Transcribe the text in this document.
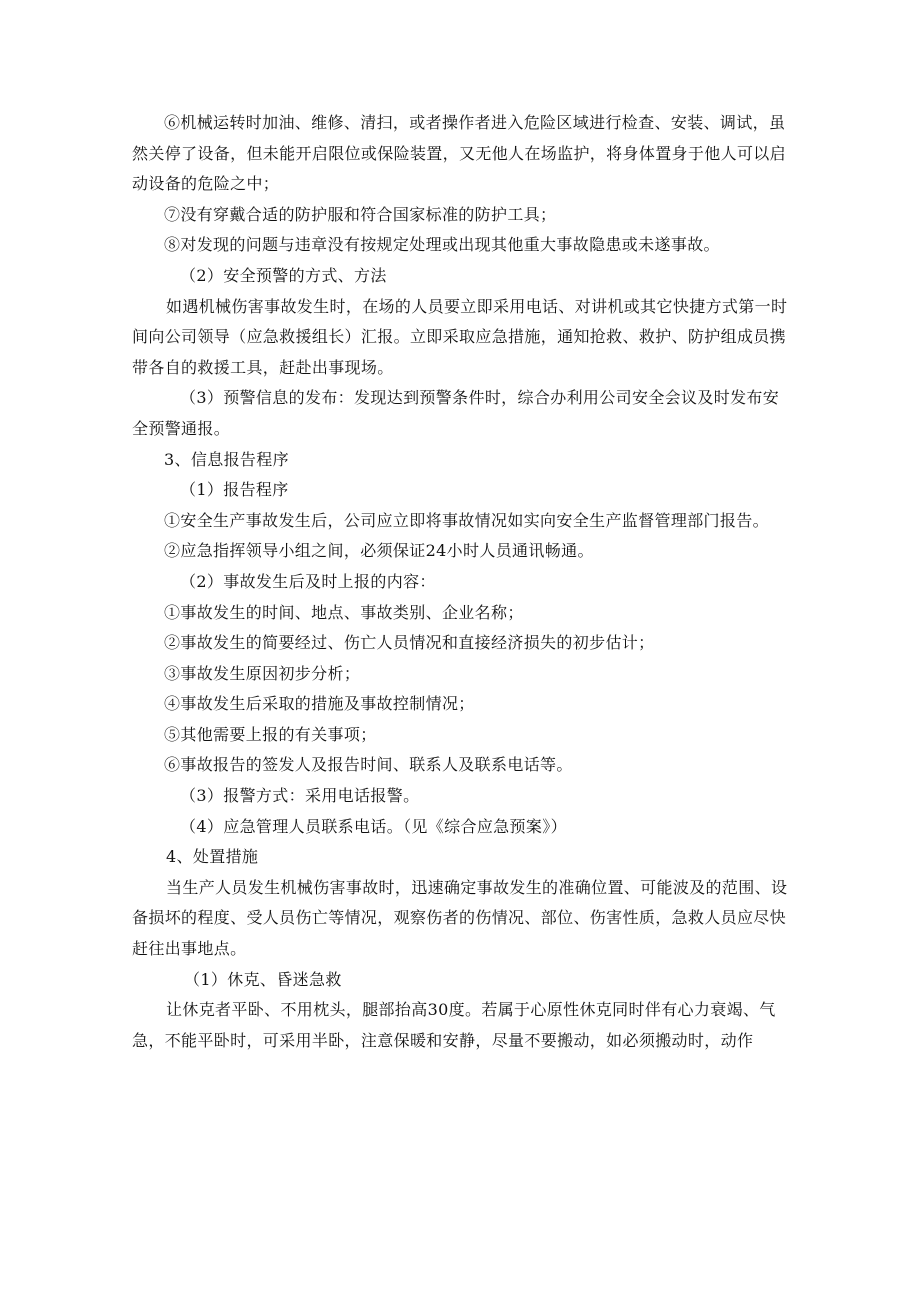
⑥机械运转时加油、维修、清扫，或者操作者进入危险区域进行检查、安装、调试，虽然关停了设备，但未能开启限位或保险装置，又无他人在场监护，将身体置身于他人可以启动设备的危险之中；

⑦没有穿戴合适的防护服和符合国家标准的防护工具；

⑧对发现的问题与违章没有按规定处理或出现其他重大事故隐患或未遂事故。

（2）安全预警的方式、方法

如遇机械伤害事故发生时，在场的人员要立即采用电话、对讲机或其它快捷方式第一时间向公司领导（应急救援组长）汇报。立即采取应急措施，通知抢救、救护、防护组成员携带各自的救援工具，赶赴出事现场。

（3）预警信息的发布：发现达到预警条件时，综合办利用公司安全会议及时发布安全预警通报。

3、信息报告程序

（1）报告程序

①安全生产事故发生后，公司应立即将事故情况如实向安全生产监督管理部门报告。

②应急指挥领导小组之间，必须保证24小时人员通讯畅通。

（2）事故发生后及时上报的内容：

①事故发生的时间、地点、事故类别、企业名称；

②事故发生的简要经过、伤亡人员情况和直接经济损失的初步估计；

③事故发生原因初步分析；

④事故发生后采取的措施及事故控制情况；

⑤其他需要上报的有关事项；

⑥事故报告的签发人及报告时间、联系人及联系电话等。

（3）报警方式：采用电话报警。

（4）应急管理人员联系电话。（见《综合应急预案》）

4、处置措施

当生产人员发生机械伤害事故时，迅速确定事故发生的准确位置、可能波及的范围、设备损坏的程度、受人员伤亡等情况，观察伤者的伤情况、部位、伤害性质，急救人员应尽快赶往出事地点。

（1）休克、昏迷急救

让休克者平卧、不用枕头，腿部抬高30度。若属于心原性休克同时伴有心力衰竭、气急，不能平卧时，可采用半卧，注意保暖和安静，尽量不要搬动，如必须搬动时，动作
